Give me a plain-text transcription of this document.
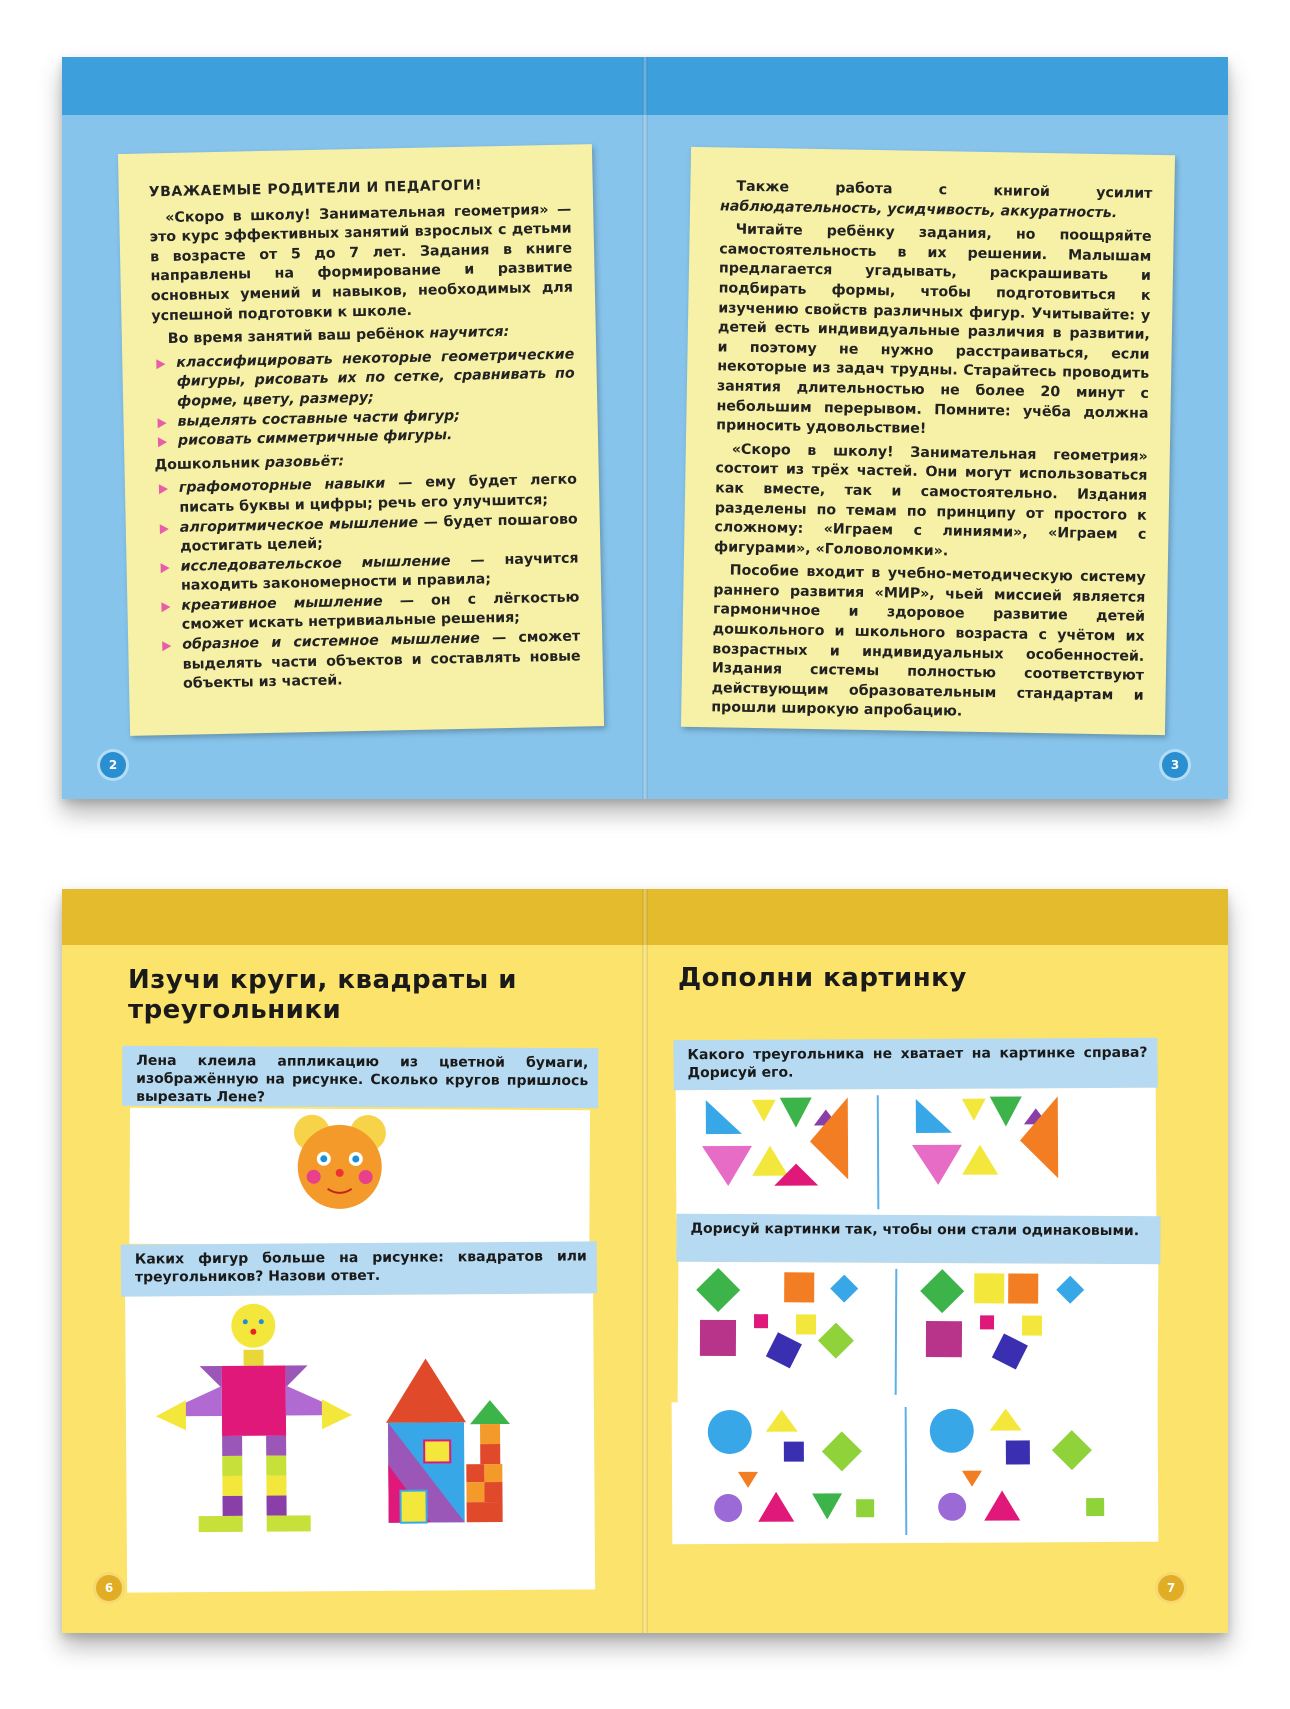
УВАЖАЕМЫЕ РОДИТЕЛИ И ПЕДАГОГИ!

«Скоро в школу! Занимательная геометрия» — это курс эффективных занятий взрослых с детьми в возрасте от 5 до 7 лет. Задания в книге направлены на формирование и развитие основных умений и навыков, необходимых для успешной подготовки к школе.

Во время занятий ваш ребёнок научится:

классифицировать некоторые геометрические фигуры, рисовать их по сетке, сравнивать по форме, цвету, размеру;
выделять составные части фигур;
рисовать симметричные фигуры.

Дошкольник разовьёт:

графомоторные навыки — ему будет легко писать буквы и цифры; речь его улучшится;
алгоритмическое мышление — будет пошагово достигать целей;
исследовательское мышление — научится находить закономерности и правила;
креативное мышление — он с лёгкостью сможет искать нетривиальные решения;
образное и системное мышление — сможет выделять части объектов и составлять новые объекты из частей.

Также работа с книгой усилит наблюдательность, усидчивость, аккуратность.

Читайте ребёнку задания, но поощряйте самостоятельность в их решении. Малышам предлагается угадывать, раскрашивать и подбирать формы, чтобы подготовиться к изучению свойств различных фигур. Учитывайте: у детей есть индивидуальные различия в развитии, и поэтому не нужно расстраиваться, если некоторые из задач трудны. Старайтесь проводить занятия длительностью не более 20 минут с небольшим перерывом. Помните: учёба должна приносить удовольствие!

«Скоро в школу! Занимательная геометрия» состоит из трёх частей. Они могут использоваться как вместе, так и самостоятельно. Издания разделены по темам по принципу от простого к сложному: «Играем с линиями», «Играем с фигурами», «Головоломки».

Пособие входит в учебно-методическую систему раннего развития «МИР», чьей миссией является гармоничное и здоровое развитие детей дошкольного и школьного возраста с учётом их возрастных и индивидуальных особенностей. Издания системы полностью соответствуют действующим образовательным стандартам и прошли широкую апробацию.

2	3
Изучи круги, квадраты и треугольники
Лена клеила аппликацию из цветной бумаги, изображённую на рисунке. Сколько кругов пришлось вырезать Лене?
Каких фигур больше на рисунке: квадратов или треугольников? Назови ответ.
6
Дополни картинку
Какого треугольника не хватает на картинке справа? Дорисуй его.
Дорисуй картинки так, чтобы они стали одинаковыми.
7
